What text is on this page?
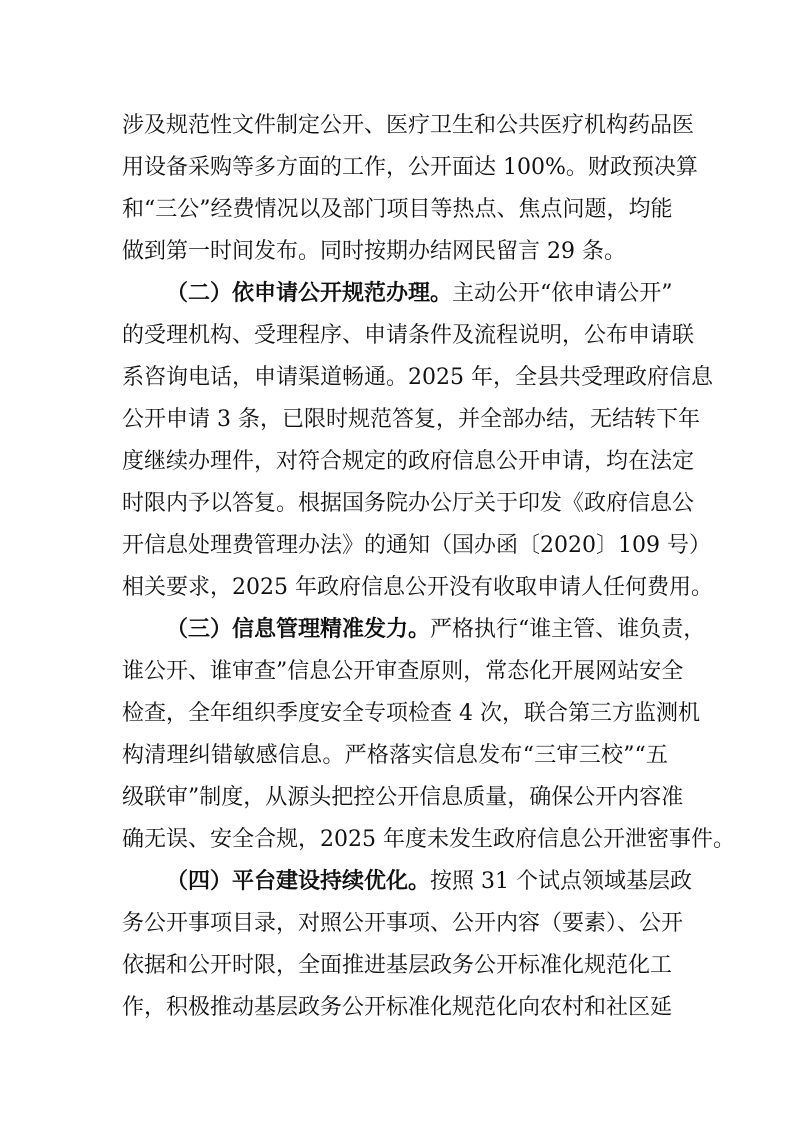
涉及规范性文件制定公开、医疗卫生和公共医疗机构药品医
用设备采购等多方面的工作，公开面达 100%。财政预决算
和“三公”经费情况以及部门项目等热点、焦点问题，均能
做到第一时间发布。同时按期办结网民留言 29 条。
（二）依申请公开规范办理。主动公开“依申请公开”
的受理机构、受理程序、申请条件及流程说明，公布申请联
系咨询电话，申请渠道畅通。2025 年，全县共受理政府信息
公开申请 3 条，已限时规范答复，并全部办结，无结转下年
度继续办理件，对符合规定的政府信息公开申请，均在法定
时限内予以答复。根据国务院办公厅关于印发《政府信息公
开信息处理费管理办法》的通知（国办函〔2020〕109 号）
相关要求，2025 年政府信息公开没有收取申请人任何费用。
（三）信息管理精准发力。严格执行“谁主管、谁负责，
谁公开、谁审查”信息公开审查原则，常态化开展网站安全
检查，全年组织季度安全专项检查 4 次，联合第三方监测机
构清理纠错敏感信息。严格落实信息发布“三审三校”“五
级联审”制度，从源头把控公开信息质量，确保公开内容准
确无误、安全合规，2025 年度未发生政府信息公开泄密事件。
（四）平台建设持续优化。按照 31 个试点领域基层政
务公开事项目录，对照公开事项、公开内容（要素）、公开
依据和公开时限，全面推进基层政务公开标准化规范化工
作，积极推动基层政务公开标准化规范化向农村和社区延
